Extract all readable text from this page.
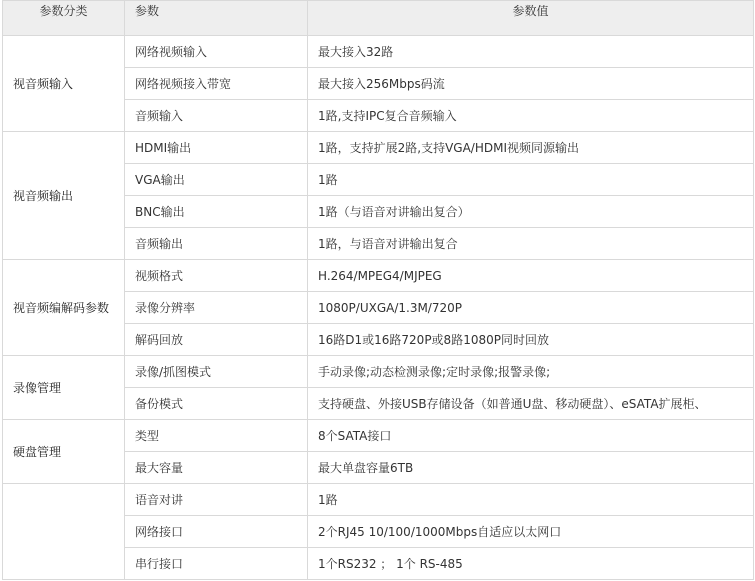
参数分类	参数	参数值
视音频输入	网络视频输入	最大接入32路
	网络视频接入带宽	最大接入256Mbps码流
	音频输入	1路,支持IPC复合音频输入
视音频输出	HDMI输出	1路，支持扩展2路,支持VGA/HDMI视频同源输出
	VGA输出	1路
	BNC输出	1路（与语音对讲输出复合）
	音频输出	1路，与语音对讲输出复合
视音频编解码参数	视频格式	H.264/MPEG4/MJPEG
	录像分辨率	1080P/UXGA/1.3M/720P
	解码回放	16路D1或16路720P或8路1080P同时回放
录像管理	录像/抓图模式	手动录像;动态检测录像;定时录像;报警录像;
	备份模式	支持硬盘、外接USB存储设备（如普通U盘、移动硬盘）、eSATA扩展柜、
硬盘管理	类型	8个SATA接口
	最大容量	最大单盘容量6TB
	语音对讲	1路
	网络接口	2个RJ45 10/100/1000Mbps自适应以太网口
	串行接口	1个RS232 ； 1个 RS-485
